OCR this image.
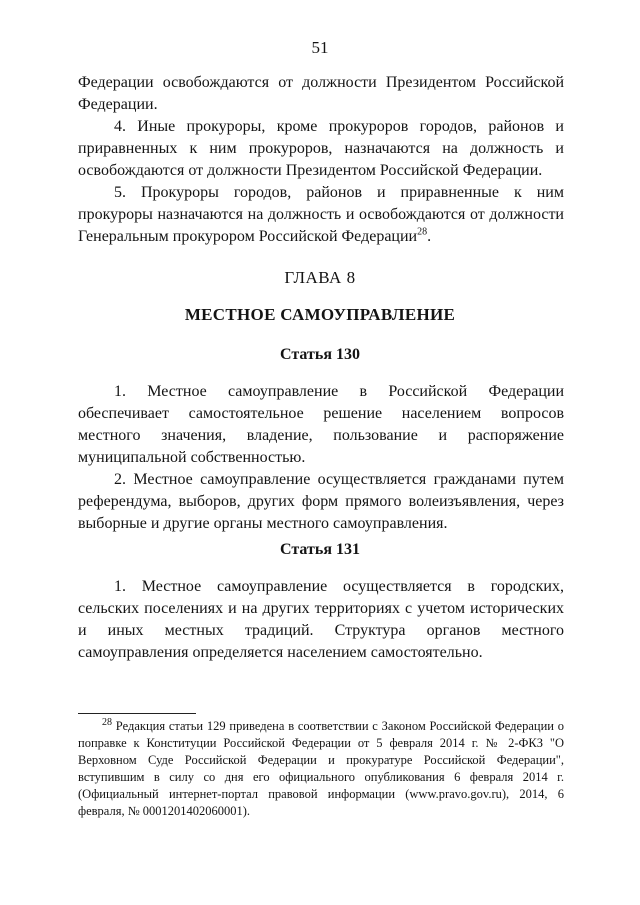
51

Федерации освобождаются от должности Президентом Российской Федерации.

4. Иные прокуроры, кроме прокуроров городов, районов и приравненных к ним прокуроров, назначаются на должность и освобождаются от должности Президентом Российской Федерации.

5. Прокуроры городов, районов и приравненные к ним прокуроры назначаются на должность и освобождаются от должности Генеральным прокурором Российской Федерации$^{28}$.

ГЛАВА 8

МЕСТНОЕ САМОУПРАВЛЕНИЕ

Статья 130

1. Местное самоуправление в Российской Федерации обеспечивает самостоятельное решение населением вопросов местного значения, владение, пользование и распоряжение муниципальной собственностью.

2. Местное самоуправление осуществляется гражданами путем референдума, выборов, других форм прямого волеизъявления, через выборные и другие органы местного самоуправления.

Статья 131

1. Местное самоуправление осуществляется в городских, сельских поселениях и на других территориях с учетом исторических и иных местных традиций. Структура органов местного самоуправления определяется населением самостоятельно.

$^{28}$ Редакция статьи 129 приведена в соответствии с Законом Российской Федерации о поправке к Конституции Российской Федерации от 5 февраля 2014 г. № 2-ФКЗ "О Верховном Суде Российской Федерации и прокуратуре Российской Федерации", вступившим в силу со дня его официального опубликования 6 февраля 2014 г. (Официальный интернет-портал правовой информации (www.pravo.gov.ru), 2014, 6 февраля, № 0001201402060001).
